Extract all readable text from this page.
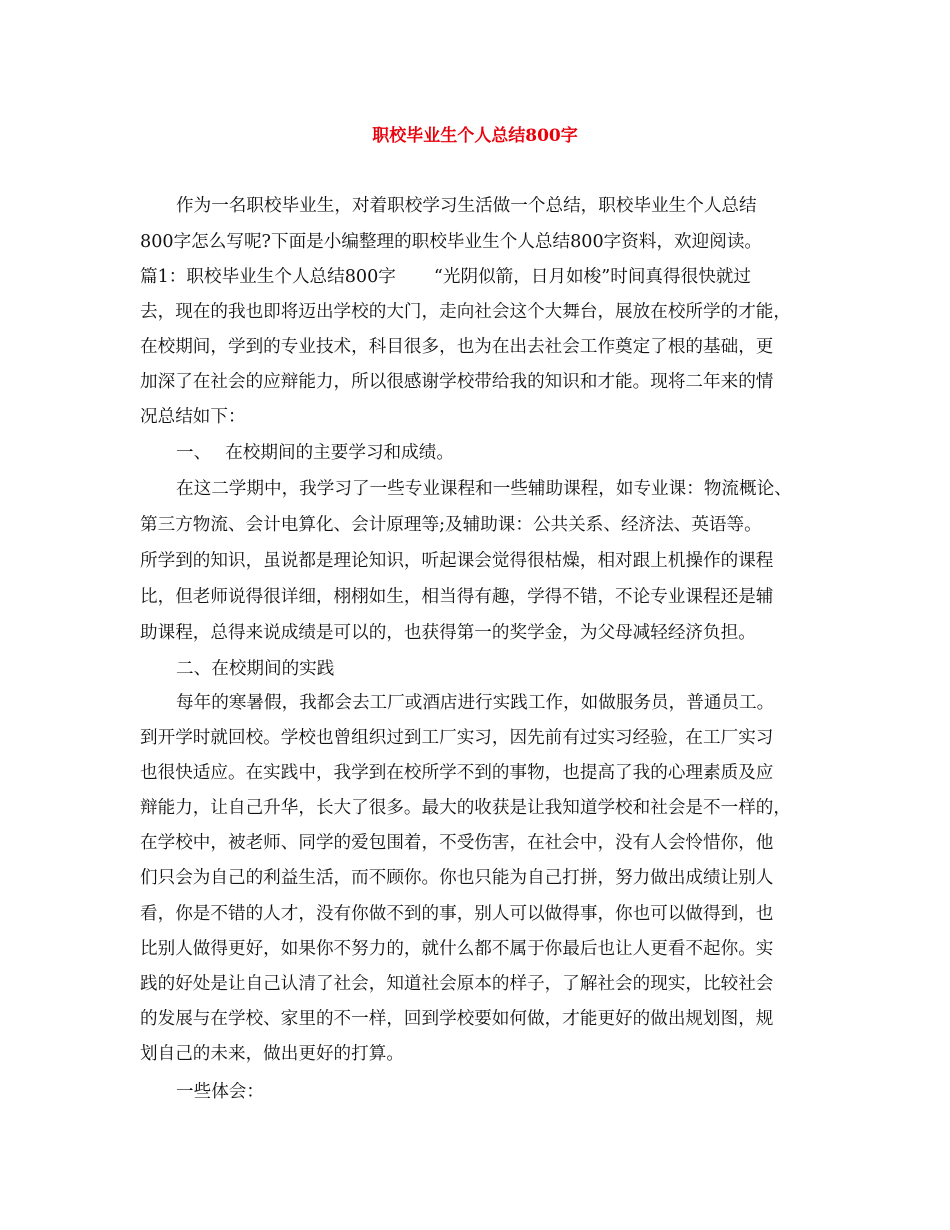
职校毕业生个人总结800字
作为一名职校毕业生，对着职校学习生活做一个总结，职校毕业生个人总结
800字怎么写呢?下面是小编整理的职校毕业生个人总结800字资料，欢迎阅读。
篇1：职校毕业生个人总结800字 “光阴似箭，日月如梭”时间真得很快就过
去，现在的我也即将迈出学校的大门，走向社会这个大舞台，展放在校所学的才能，
在校期间，学到的专业技术，科目很多，也为在出去社会工作奠定了根的基础，更
加深了在社会的应辩能力，所以很感谢学校带给我的知识和才能。现将二年来的情
况总结如下：
一、 在校期间的主要学习和成绩。
在这二学期中，我学习了一些专业课程和一些辅助课程，如专业课：物流概论、
第三方物流、会计电算化、会计原理等;及辅助课：公共关系、经济法、英语等。
所学到的知识，虽说都是理论知识，听起课会觉得很枯燥，相对跟上机操作的课程
比，但老师说得很详细，栩栩如生，相当得有趣，学得不错，不论专业课程还是辅
助课程，总得来说成绩是可以的，也获得第一的奖学金，为父母减轻经济负担。
二、在校期间的实践
每年的寒暑假，我都会去工厂或酒店进行实践工作，如做服务员，普通员工。
到开学时就回校。学校也曾组织过到工厂实习，因先前有过实习经验，在工厂实习
也很快适应。在实践中，我学到在校所学不到的事物，也提高了我的心理素质及应
辩能力，让自己升华，长大了很多。最大的收获是让我知道学校和社会是不一样的，
在学校中，被老师、同学的爱包围着，不受伤害，在社会中，没有人会怜惜你，他
们只会为自己的利益生活，而不顾你。你也只能为自己打拼，努力做出成绩让别人
看，你是不错的人才，没有你做不到的事，别人可以做得事，你也可以做得到，也
比别人做得更好，如果你不努力的，就什么都不属于你最后也让人更看不起你。实
践的好处是让自己认清了社会，知道社会原本的样子，了解社会的现实，比较社会
的发展与在学校、家里的不一样，回到学校要如何做，才能更好的做出规划图，规
划自己的未来，做出更好的打算。
一些体会：
